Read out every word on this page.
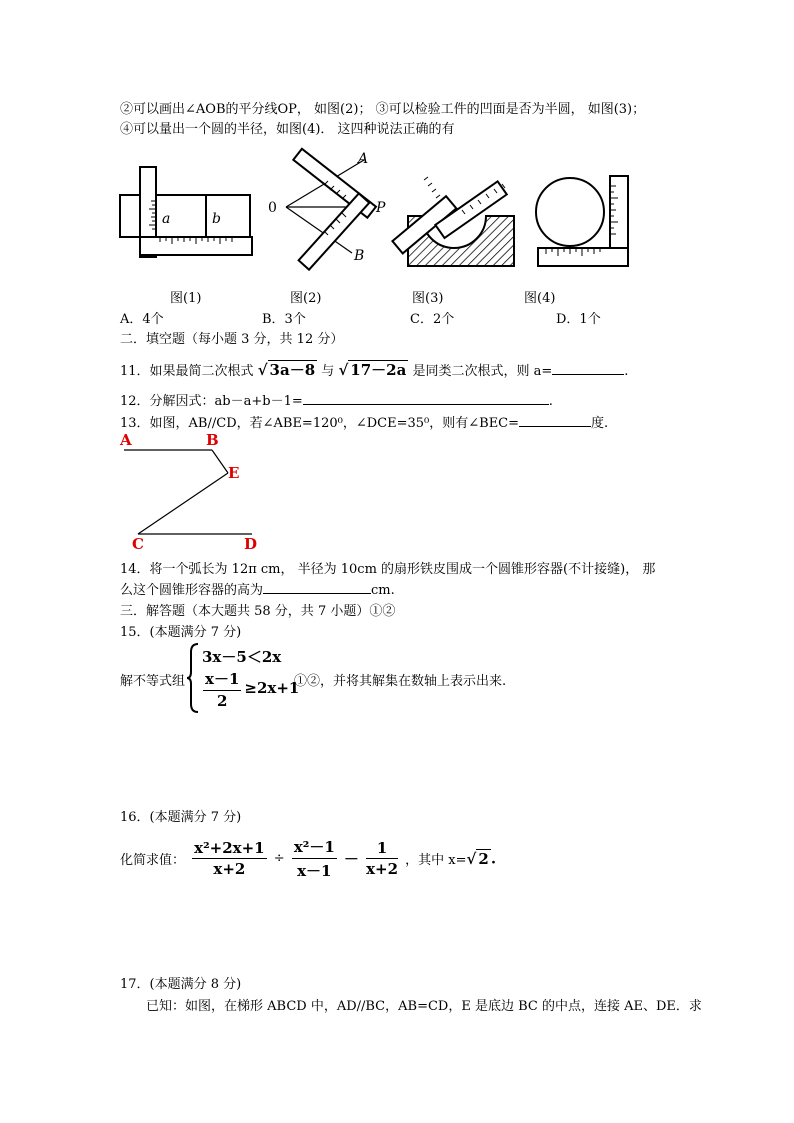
②可以画出∠AOB的平分线OP， 如图(2)； ③可以检验工件的凹面是否为半圆， 如图(3)；
④可以量出一个圆的半径，如图(4)． 这四种说法正确的有
a	b
A
B
0	P
图(1)	图(2)	图(3)	图(4)
A．4个	B．3个	C．2个	D．1个
二．填空题（每小题 3 分，共 12 分）
11．如果最简二次根式 √ 3a－8 与 √ 17－2a 是同类二次根式，则 a=	.
12．分解因式：ab－a+b－1=	.
13．如图，AB//CD，若∠ABE=120⁰，∠DCE=35⁰，则有∠BEC=	度.
A	B
E
C	D
14．将一个弧长为 12π cm， 半径为 10cm 的扇形铁皮围成一个圆锥形容器(不计接缝)， 那
么这个圆锥形容器的高为	cm.
三．解答题（本大题共 58 分，共 7 小题）①②
15．(本题满分 7 分)
解不等式组
3x－5＜2x
$\frac{x-1}{2} \ge 2x+1$
①②，并将其解集在数轴上表示出来.
16．(本题满分 7 分)
化简求值： $\frac{\text{x²+2x+1}}{x+2} \div \frac{\text{x²－1}}{x-1} - \frac{1}{x+2}$ ，其中 x=√ 2 .
17．(本题满分 8 分)
已知：如图，在梯形 ABCD 中，AD//BC，AB=CD，E 是底边 BC 的中点，连接 AE、DE．求
